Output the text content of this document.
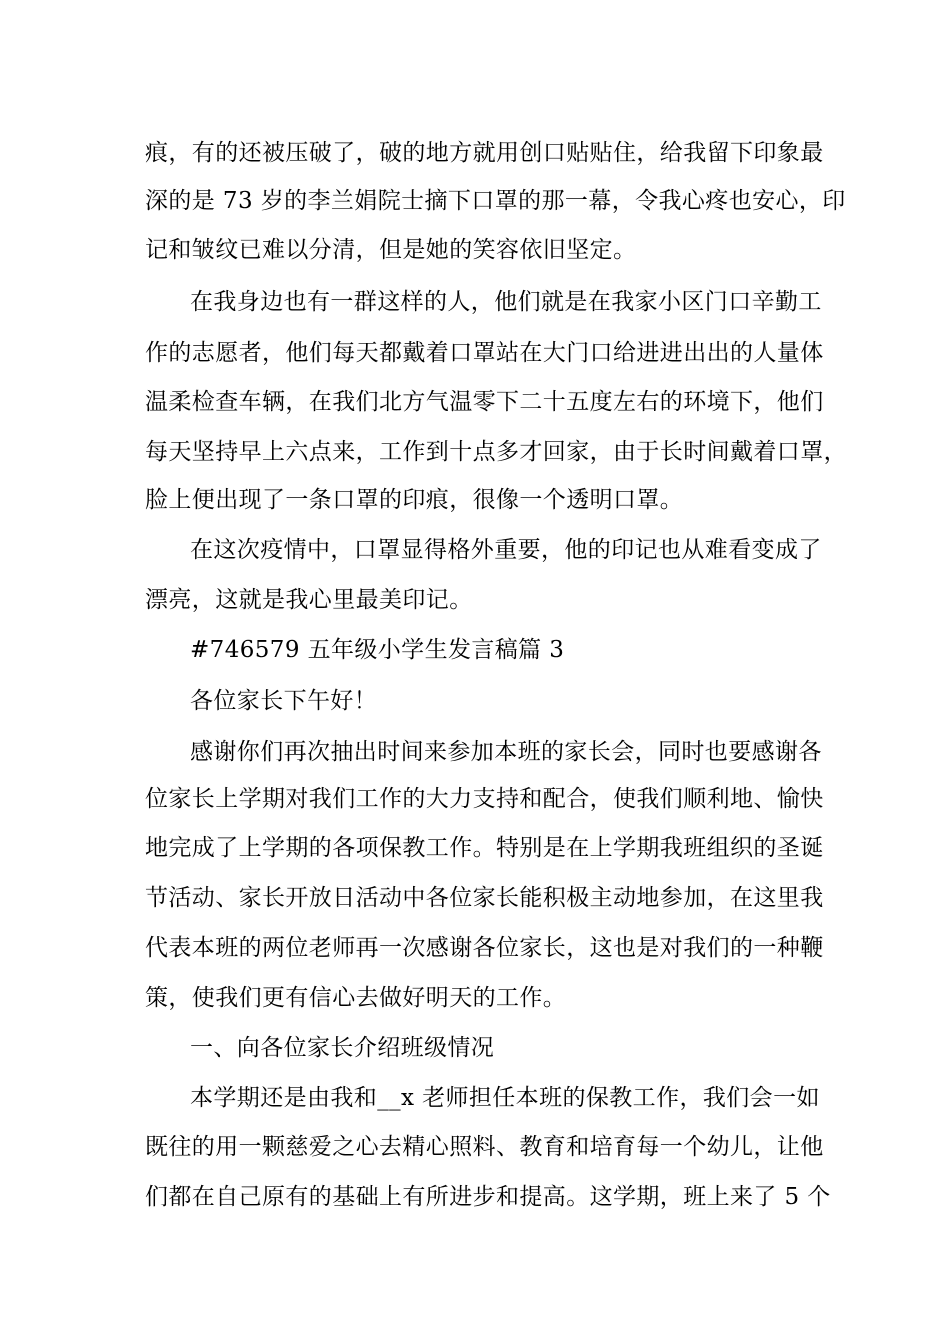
痕，有的还被压破了，破的地方就用创口贴贴住，给我留下印象最
深的是 73 岁的李兰娟院士摘下口罩的那一幕，令我心疼也安心，印
记和皱纹已难以分清，但是她的笑容依旧坚定。
在我身边也有一群这样的人，他们就是在我家小区门口辛勤工
作的志愿者，他们每天都戴着口罩站在大门口给进进出出的人量体
温柔检查车辆，在我们北方气温零下二十五度左右的环境下，他们
每天坚持早上六点来，工作到十点多才回家，由于长时间戴着口罩，
脸上便出现了一条口罩的印痕，很像一个透明口罩。
在这次疫情中，口罩显得格外重要，他的印记也从难看变成了
漂亮，这就是我心里最美印记。
#746579 五年级小学生发言稿篇 3
各位家长下午好！
感谢你们再次抽出时间来参加本班的家长会，同时也要感谢各
位家长上学期对我们工作的大力支持和配合，使我们顺利地、愉快
地完成了上学期的各项保教工作。特别是在上学期我班组织的圣诞
节活动、家长开放日活动中各位家长能积极主动地参加，在这里我
代表本班的两位老师再一次感谢各位家长，这也是对我们的一种鞭
策，使我们更有信心去做好明天的工作。
一、向各位家长介绍班级情况
本学期还是由我和__x 老师担任本班的保教工作，我们会一如
既往的用一颗慈爱之心去精心照料、教育和培育每一个幼儿，让他
们都在自己原有的基础上有所进步和提高。这学期，班上来了 5 个
